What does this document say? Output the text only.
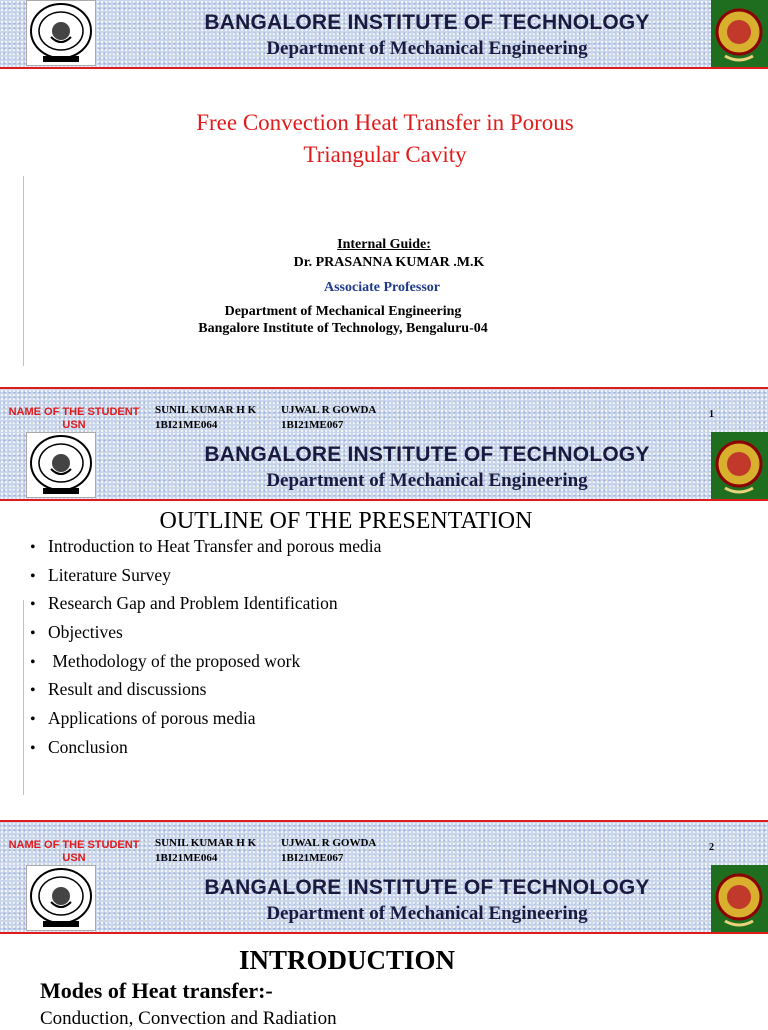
BANGALORE INSTITUTE OF TECHNOLOGY
Department of Mechanical Engineering
Free Convection Heat Transfer in Porous
Triangular Cavity
Internal Guide:
Dr. PRASANNA KUMAR .M.K
Associate Professor
Department of Mechanical Engineering
Bangalore Institute of Technology, Bengaluru-04
NAME OF THE STUDENT
USN
SUNIL KUMAR H K
1BI21ME064
UJWAL R GOWDA
1BI21ME067
1
BANGALORE INSTITUTE OF TECHNOLOGY
Department of Mechanical Engineering
OUTLINE OF THE PRESENTATION
• Introduction to Heat Transfer and porous media
• Literature Survey
• Research Gap and Problem Identification
• Objectives
• Methodology of the proposed work
• Result and discussions
• Applications of porous media
• Conclusion
NAME OF THE STUDENT
USN
SUNIL KUMAR H K
1BI21ME064
UJWAL R GOWDA
1BI21ME067
2
BANGALORE INSTITUTE OF TECHNOLOGY
Department of Mechanical Engineering
INTRODUCTION
Modes of Heat transfer:-
Conduction, Convection and Radiation
